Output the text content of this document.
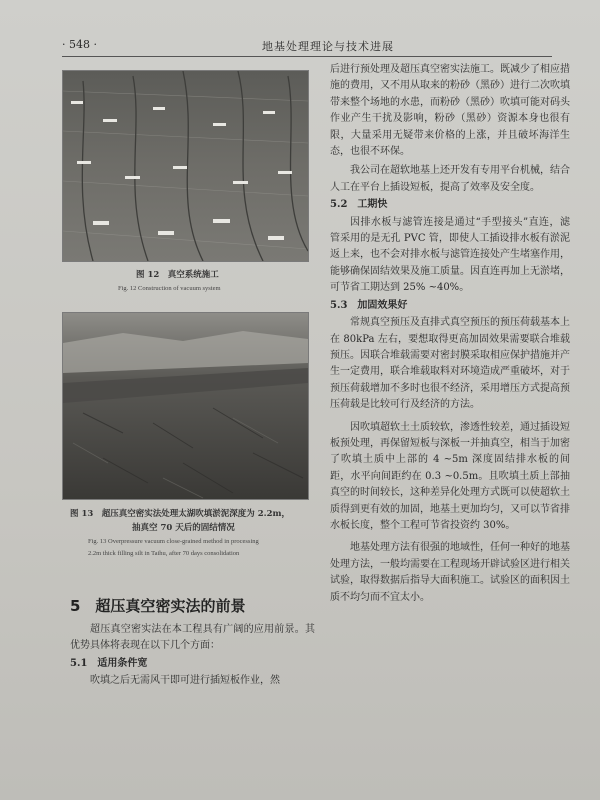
· 548 ·	地基处理理论与技术进展
图 12　真空系统施工
Fig. 12 Construction of vacuum system
图 13　超压真空密实法处理太湖吹填淤泥深度为 2.2m，
抽真空 70 天后的固结情况
Fig. 13 Overpressure vacuum close-grained method in processing
2.2m thick filling silt in Taihu, after 70 days consolidation
5　超压真空密实法的前景

超压真空密实法在本工程具有广阔的应用前景。其优势具体将表现在以下几个方面：

5.1　适用条件宽

吹填之后无需风干即可进行插短板作业，然

后进行预处理及超压真空密实法施工。既减少了相应措施的费用，又不用从取来的粉砂（黑砂）进行二次吹填带来整个场地的水患，而粉砂（黑砂）吹填可能对码头作业产生干扰及影响，粉砂（黑砂）资源本身也很有限，大量采用无疑带来价格的上涨，并且破坏海洋生态，也很不环保。

我公司在超软地基上还开发有专用平台机械，结合人工在平台上插设短板，提高了效率及安全度。

5.2　工期快

因排水板与滤管连接是通过“手型接头”直连，滤管采用的是无孔 PVC 管，即使人工插设排水板有淤泥返上来，也不会对排水板与滤管连接处产生堵塞作用，能够确保固结效果及施工质量。因直连再加上无淤堵，可节省工期达到 25% ~40%。

5.3　加固效果好

常规真空预压及直排式真空预压的预压荷载基本上在 80kPa 左右，要想取得更高加固效果需要联合堆载预压。因联合堆载需要对密封膜采取相应保护措施并产生一定费用，联合堆载取料对环境造成严重破坏，对于预压荷载增加不多时也很不经济，采用增压方式提高预压荷载是比较可行及经济的方法。

因吹填超软土土质较软，渗透性较差，通过插设短板预处理，再保留短板与深板一并抽真空，相当于加密了吹填土质中上部的 4 ~5m 深度固结排水板的间距，水平向间距约在 0.3 ~0.5m。且吹填土质上部抽真空的时间较长，这种差异化处理方式既可以使超软土质得到更有效的加固，地基土更加均匀，又可以节省排水板长度，整个工程可节省投资约 30%。

地基处理方法有很强的地域性，任何一种好的地基处理方法，一般均需要在工程现场开辟试验区进行相关试验，取得数据后指导大面积施工。试验区的面积因土质不均匀而不宜太小。
